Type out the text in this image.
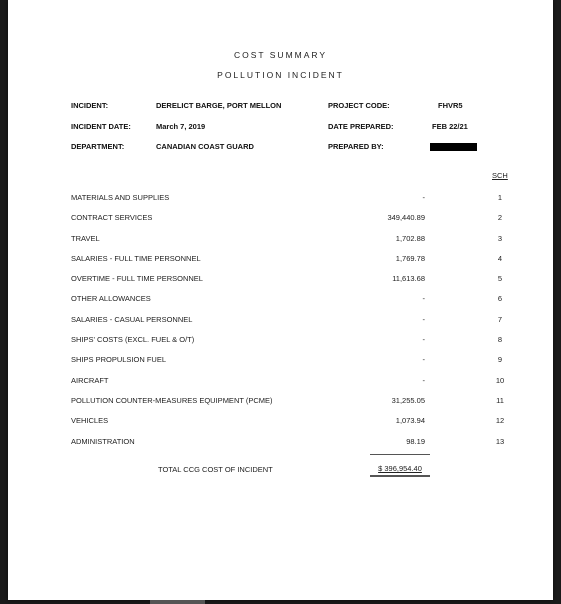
COST SUMMARY
POLLUTION INCIDENT
INCIDENT:	DERELICT BARGE, PORT MELLON	PROJECT CODE:	FHVR5
INCIDENT DATE:	March 7, 2019	DATE PREPARED:	FEB 22/21
DEPARTMENT:	CANADIAN COAST GUARD	PREPARED BY:
SCH
MATERIALS AND SUPPLIES	-	1
CONTRACT SERVICES	349,440.89	2
TRAVEL	1,702.88	3
SALARIES - FULL TIME PERSONNEL	1,769.78	4
OVERTIME - FULL TIME PERSONNEL	11,613.68	5
OTHER ALLOWANCES	-	6
SALARIES - CASUAL PERSONNEL	-	7
SHIPS' COSTS (EXCL. FUEL & O/T)	-	8
SHIPS PROPULSION FUEL	-	9
AIRCRAFT	-	10
POLLUTION COUNTER-MEASURES EQUIPMENT (PCME)	31,255.05	11
VEHICLES	1,073.94	12
ADMINISTRATION	98.19	13
TOTAL CCG COST OF INCIDENT	$ 396,954.40
